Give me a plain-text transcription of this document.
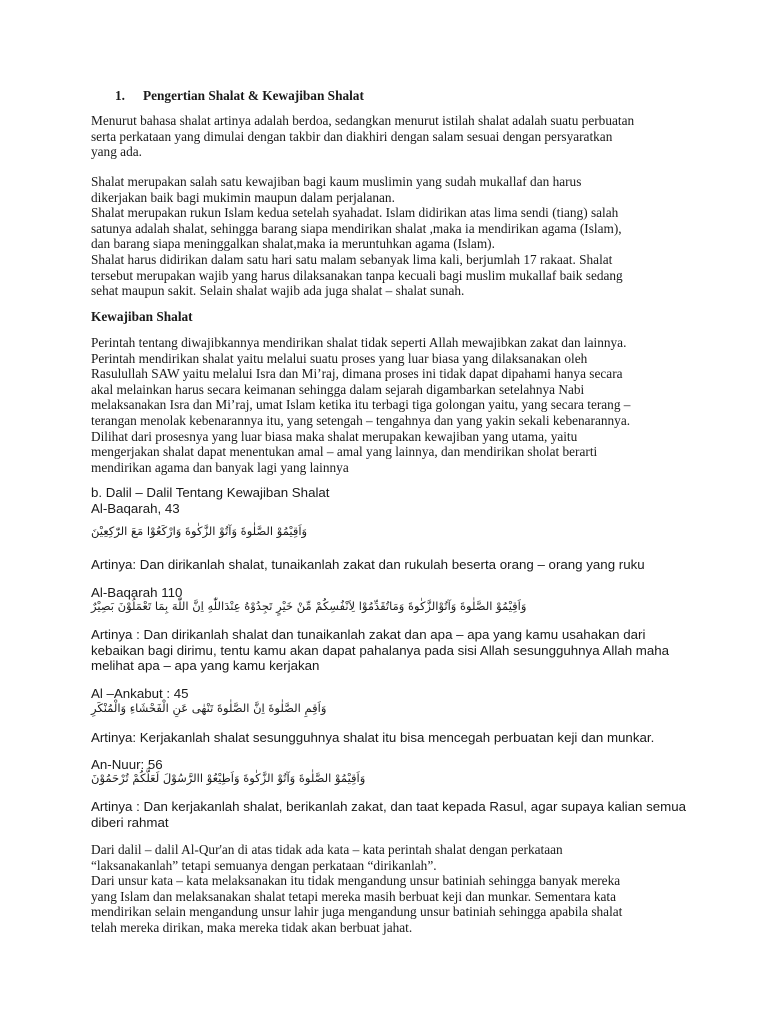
1. Pengertian Shalat & Kewajiban Shalat

Menurut bahasa shalat artinya adalah berdoa, sedangkan menurut istilah shalat adalah suatu perbuatan
serta perkataan yang dimulai dengan takbir dan diakhiri dengan salam sesuai dengan persyaratkan
yang ada.

Shalat merupakan salah satu kewajiban bagi kaum muslimin yang sudah mukallaf dan harus
dikerjakan baik bagi mukimin maupun dalam perjalanan.
Shalat merupakan rukun Islam kedua setelah syahadat. Islam didirikan atas lima sendi (tiang) salah
satunya adalah shalat, sehingga barang siapa mendirikan shalat ,maka ia mendirikan agama (Islam),
dan barang siapa meninggalkan shalat,maka ia meruntuhkan agama (Islam).
Shalat harus didirikan dalam satu hari satu malam sebanyak lima kali, berjumlah 17 rakaat. Shalat
tersebut merupakan wajib yang harus dilaksanakan tanpa kecuali bagi muslim mukallaf baik sedang
sehat maupun sakit. Selain shalat wajib ada juga shalat – shalat sunah.

Kewajiban Shalat

Perintah tentang diwajibkannya mendirikan shalat tidak seperti Allah mewajibkan zakat dan lainnya.
Perintah mendirikan shalat yaitu melalui suatu proses yang luar biasa yang dilaksanakan oleh
Rasulullah SAW yaitu melalui Isra dan Mi’raj, dimana proses ini tidak dapat dipahami hanya secara
akal melainkan harus secara keimanan sehingga dalam sejarah digambarkan setelahnya Nabi
melaksanakan Isra dan Mi’raj, umat Islam ketika itu terbagi tiga golongan yaitu, yang secara terang –
terangan menolak kebenarannya itu, yang setengah – tengahnya dan yang yakin sekali kebenarannya.
Dilihat dari prosesnya yang luar biasa maka shalat merupakan kewajiban yang utama, yaitu
mengerjakan shalat dapat menentukan amal – amal yang lainnya, dan mendirikan sholat berarti
mendirikan agama dan banyak lagi yang lainnya

b. Dalil – Dalil Tentang Kewajiban Shalat
Al-Baqarah, 43
وَاَقِيْمُوْ الصَّلٰوةَ وَآتُوْ الزَّكٰوةَ وَارْكَعُوْا مَعَ الرّٰكِعِيْنَ
Artinya: Dan dirikanlah shalat, tunaikanlah zakat dan rukulah beserta orang – orang yang ruku
Al-Baqarah 110
وَاَقِيْمُوْ الصَّلٰوةَ وَآتُوْالزَّكٰوةَ وَمَاتُقَدِّمُوْا لِاَنْفُسِكُمْ مِّنْ خَيْرٍ تَجِدُوْهُ عِنْدَاللّٰهِ اِنَّ اللّٰهَ بِمَا تَعْمَلُوْنَ بَصِيْرٌ

Artinya : Dan dirikanlah shalat dan tunaikanlah zakat dan apa – apa yang kamu usahakan dari
kebaikan bagi dirimu, tentu kamu akan dapat pahalanya pada sisi Allah sesungguhnya Allah maha
melihat apa – apa yang kamu kerjakan

Al –Ankabut : 45
وَاَقِمِ الصَّلٰوةَ اِنَّ الصَّلٰوةَ تَنْهٰى عَنِ الْفَحْشَاءِ وَالْمُنْكَرِ
Artinya: Kerjakanlah shalat sesungguhnya shalat itu bisa mencegah perbuatan keji dan munkar.
An-Nuur: 56
وَاَقِيْمُوْ الصَّلٰوةَ وَآتُوْ الزَّكٰوةَ وَاَطِيْعُوْ االرَّسُوْلَ لَعَلَّكُمْ تُرْحَمُوْنَ

Artinya : Dan kerjakanlah shalat, berikanlah zakat, dan taat kepada Rasul, agar supaya kalian semua
diberi rahmat

Dari dalil – dalil Al-Qur'an di atas tidak ada kata – kata perintah shalat dengan perkataan
“laksanakanlah” tetapi semuanya dengan perkataan “dirikanlah”.
Dari unsur kata – kata melaksanakan itu tidak mengandung unsur batiniah sehingga banyak mereka
yang Islam dan melaksanakan shalat tetapi mereka masih berbuat keji dan munkar. Sementara kata
mendirikan selain mengandung unsur lahir juga mengandung unsur batiniah sehingga apabila shalat
telah mereka dirikan, maka mereka tidak akan berbuat jahat.
